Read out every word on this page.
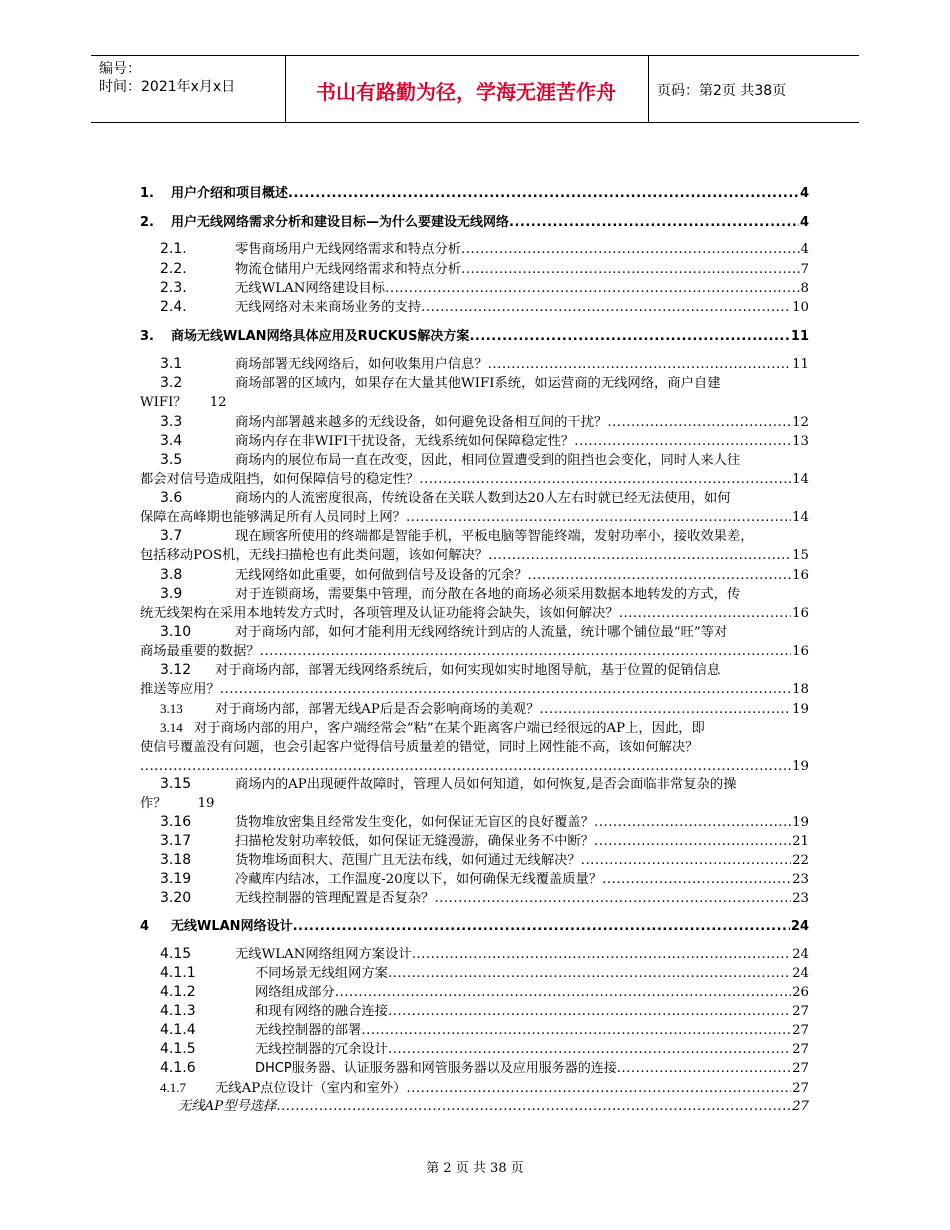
编号：
时间：2021年x月x日	书山有路勤为径，学海无涯苦作舟	页码：第2页 共38页
1.	用户介绍和项目概述 .....	4
2.	用户无线网络需求分析和建设目标—为什么要建设无线网络 .....	4
2.1.	零售商场用户无线网络需求和特点分析 .....	4
2.2.	物流仓储用户无线网络需求和特点分析 .....	7
2.3.	无线WLAN网络建设目标 .....	8
2.4.	无线网络对未来商场业务的支持 .....	10
3.	商场无线WLAN网络具体应用及RUCKUS解决方案 .....	11
3.1	商场部署无线网络后，如何收集用户信息？ .....	11
3.2	商场部署的区域内，如果存在大量其他WIFI系统，如运营商的无线网络，商户自建
WIFI？ 12
3.3	商场内部署越来越多的无线设备，如何避免设备相互间的干扰？ .....	12
3.4	商场内存在非WIFI干扰设备，无线系统如何保障稳定性？ .....	13
3.5	商场内的展位布局一直在改变，因此，相同位置遭受到的阻挡也会变化，同时人来人往
都会对信号造成阻挡，如何保障信号的稳定性？ .....	14
3.6	商场内的人流密度很高，传统设备在关联人数到达20人左右时就已经无法使用，如何
保障在高峰期也能够满足所有人员同时上网？ .....	14
3.7	现在顾客所使用的终端都是智能手机，平板电脑等智能终端，发射功率小，接收效果差，
包括移动POS机，无线扫描枪也有此类问题，该如何解决？ .....	15
3.8	无线网络如此重要，如何做到信号及设备的冗余？ .....	16
3.9	对于连锁商场，需要集中管理，而分散在各地的商场必须采用数据本地转发的方式，传
统无线架构在采用本地转发方式时，各项管理及认证功能将会缺失，该如何解决？ .....	16
3.10	对于商场内部，如何才能利用无线网络统计到店的人流量，统计哪个铺位最“旺”等对
商场最重要的数据？ .....	16
3.12 对于商场内部，部署无线网络系统后，如何实现如实时地图导航，基于位置的促销信息
推送等应用？ .....	18
3.13	对于商场内部，部署无线AP后是否会影响商场的美观？ .....	19
3.14 对于商场内部的用户，客户端经常会“粘”在某个距离客户端已经很远的AP上，因此，即
使信号覆盖没有问题，也会引起客户觉得信号质量差的错觉，同时上网性能不高，该如何解决？
.....
19
3.15	商场内的AP出现硬件故障时，管理人员如何知道，如何恢复,是否会面临非常复杂的操
作？ 19
3.16	货物堆放密集且经常发生变化，如何保证无盲区的良好覆盖？ .....	19
3.17	扫描枪发射功率较低，如何保证无缝漫游，确保业务不中断？ .....	21
3.18	货物堆场面积大、范围广且无法布线，如何通过无线解决？ .....	22
3.19	冷藏库内结冰，工作温度-20度以下，如何确保无线覆盖质量？ .....	23
3.20	无线控制器的管理配置是否复杂？ .....	23
4	无线WLAN网络设计 .....	24
4.15	无线WLAN网络组网方案设计 .....	24
4.1.1	不同场景无线组网方案 .....	24
4.1.2	网络组成部分 .....	26
4.1.3	和现有网络的融合连接 .....	27
4.1.4	无线控制器的部署 .....	27
4.1.5	无线控制器的冗余设计 .....	27
4.1.6	DHCP服务器、认证服务器和网管服务器以及应用服务器的连接 .....	27
4.1.7	无线AP点位设计（室内和室外） .....	27
无线AP型号选择 .....	27
第 2 页 共 38 页
